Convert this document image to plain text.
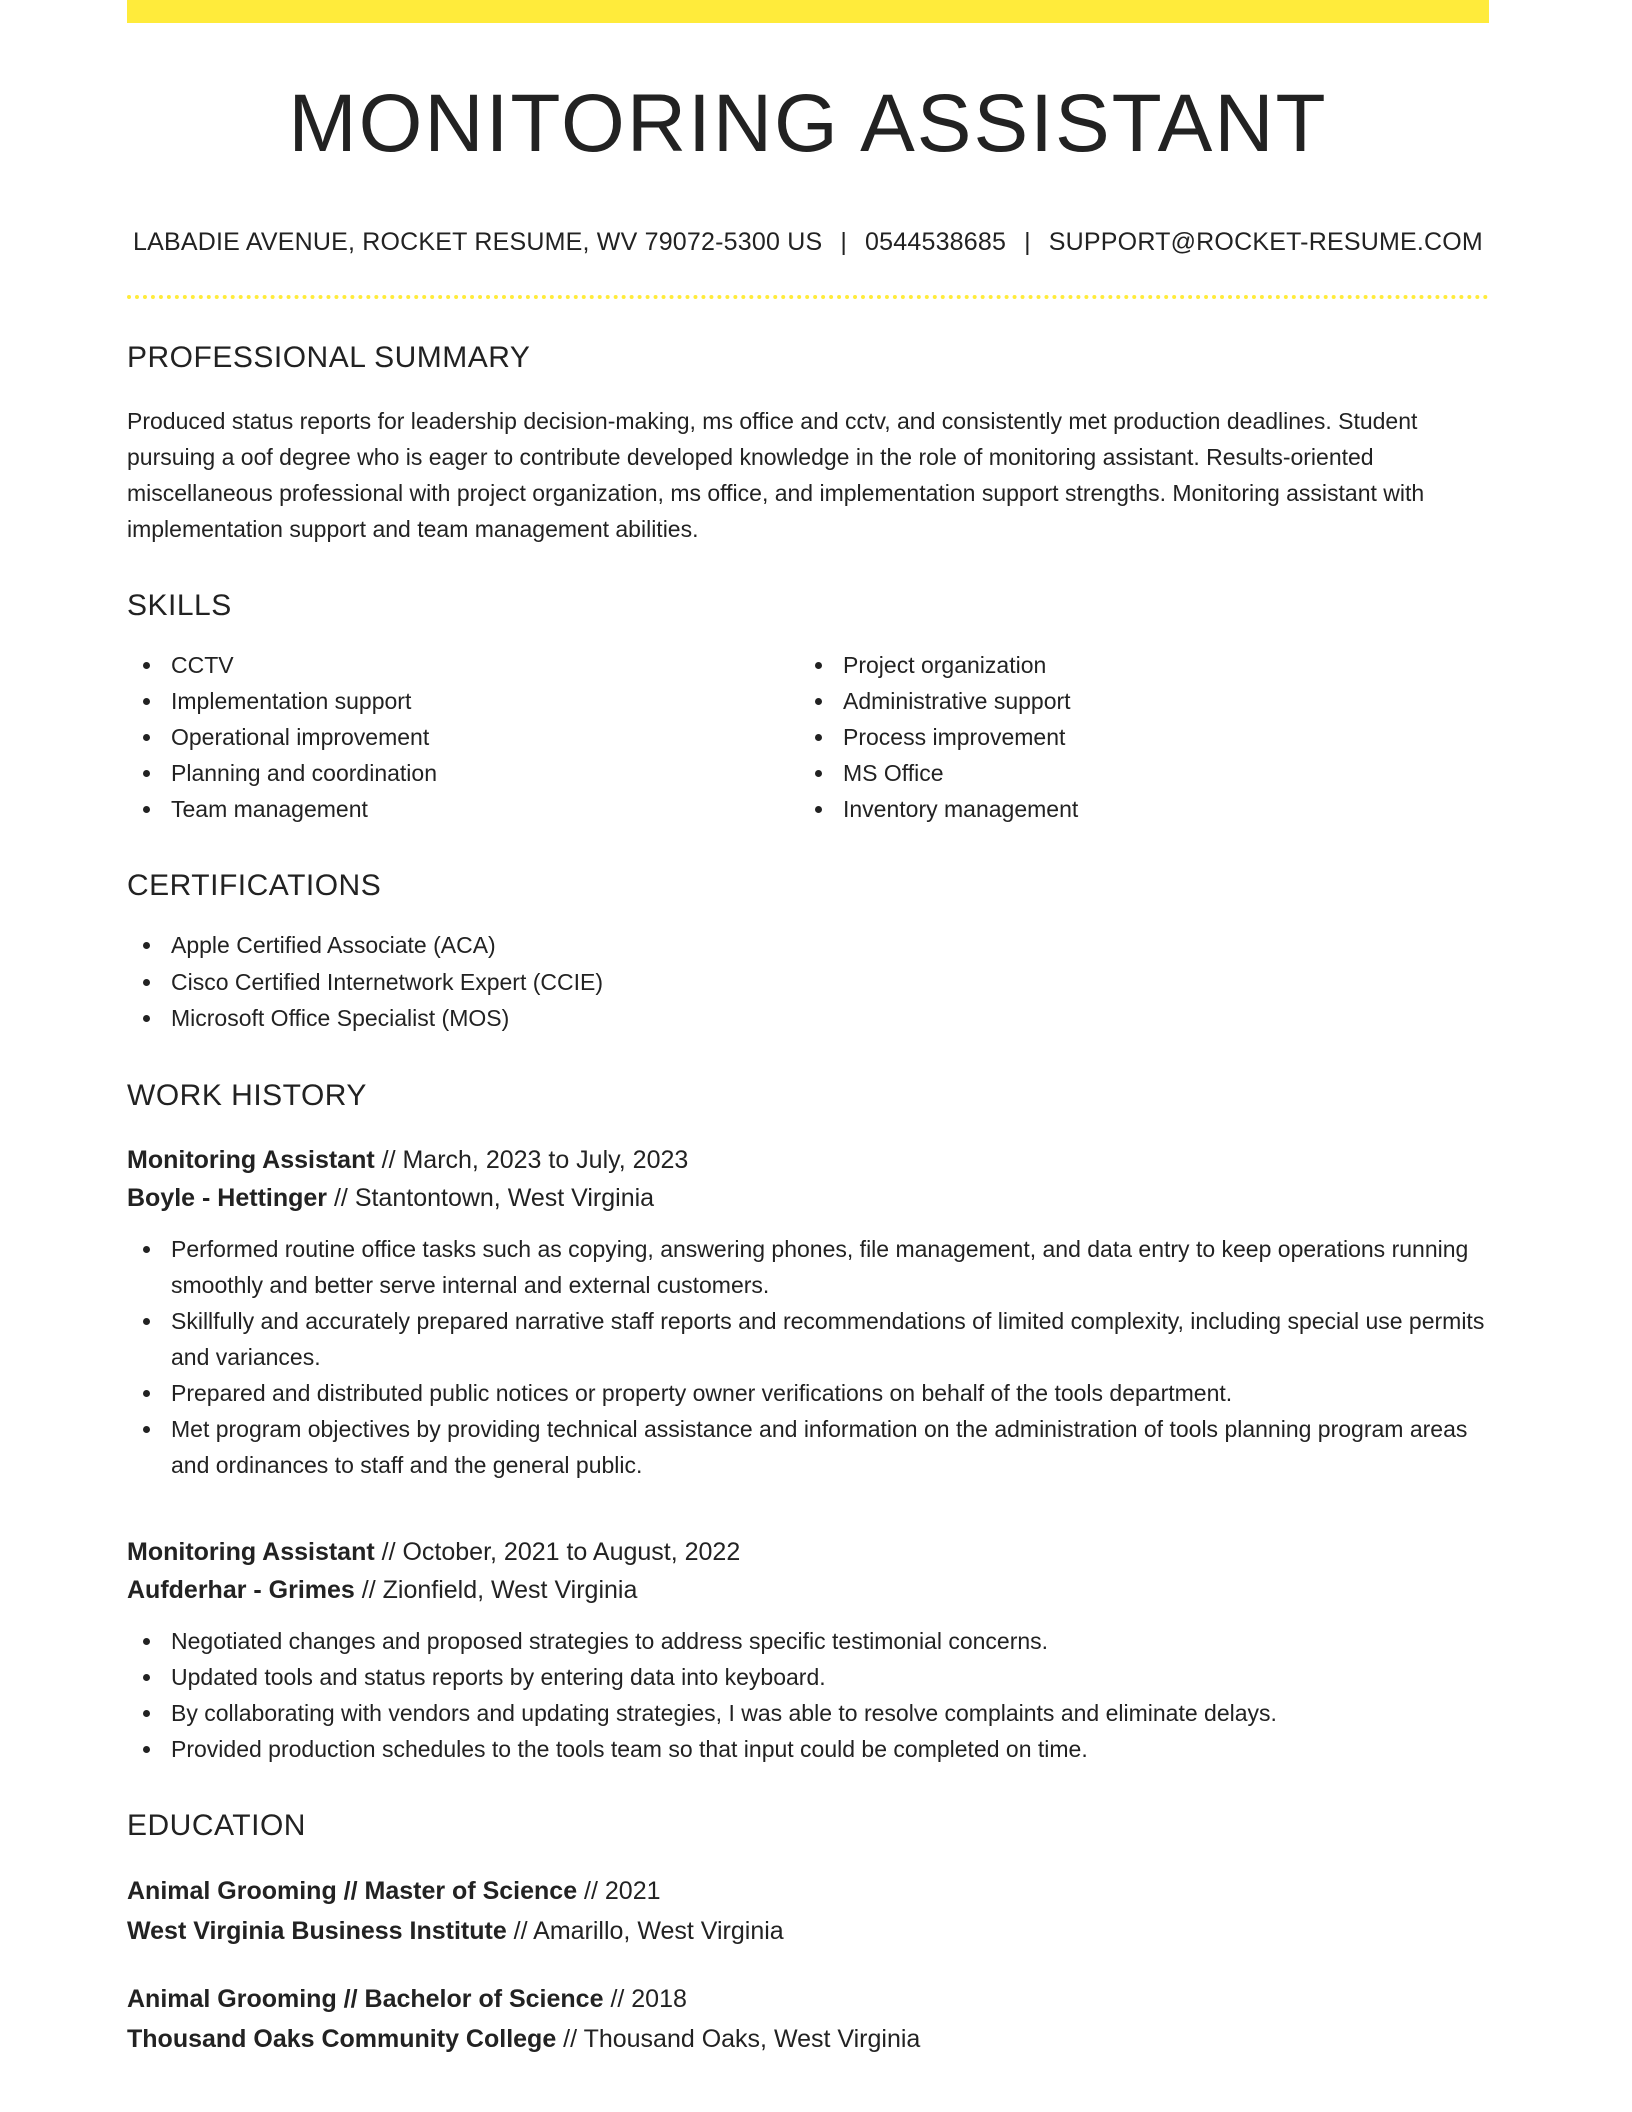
MONITORING ASSISTANT
LABADIE AVENUE, ROCKET RESUME, WV 79072-5300 US | 0544538685 | SUPPORT@ROCKET-RESUME.COM
PROFESSIONAL SUMMARY

Produced status reports for leadership decision-making, ms office and cctv, and consistently met production deadlines. Student pursuing a oof degree who is eager to contribute developed knowledge in the role of monitoring assistant. Results-oriented miscellaneous professional with project organization, ms office, and implementation support strengths. Monitoring assistant with implementation support and team management abilities.

SKILLS
CCTV
Implementation support
Operational improvement
Planning and coordination
Team management
Project organization
Administrative support
Process improvement
MS Office
Inventory management
CERTIFICATIONS
Apple Certified Associate (ACA)
Cisco Certified Internetwork Expert (CCIE)
Microsoft Office Specialist (MOS)
WORK HISTORY
Monitoring Assistant // March, 2023 to July, 2023
Boyle - Hettinger // Stantontown, West Virginia
Performed routine office tasks such as copying, answering phones, file management, and data entry to keep operations running smoothly and better serve internal and external customers.
Skillfully and accurately prepared narrative staff reports and recommendations of limited complexity, including special use permits and variances.
Prepared and distributed public notices or property owner verifications on behalf of the tools department.
Met program objectives by providing technical assistance and information on the administration of tools planning program areas and ordinances to staff and the general public.
Monitoring Assistant // October, 2021 to August, 2022
Aufderhar - Grimes // Zionfield, West Virginia
Negotiated changes and proposed strategies to address specific testimonial concerns.
Updated tools and status reports by entering data into keyboard.
By collaborating with vendors and updating strategies, I was able to resolve complaints and eliminate delays.
Provided production schedules to the tools team so that input could be completed on time.
EDUCATION
Animal Grooming // Master of Science // 2021
West Virginia Business Institute // Amarillo, West Virginia
Animal Grooming // Bachelor of Science // 2018
Thousand Oaks Community College // Thousand Oaks, West Virginia
